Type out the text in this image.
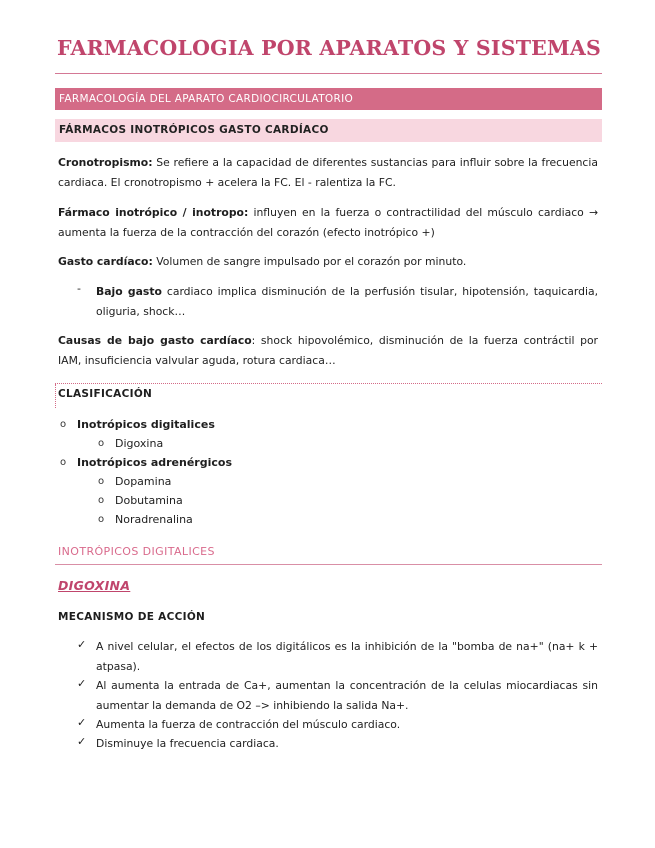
FARMACOLOGIA POR APARATOS Y SISTEMAS
FARMACOLOGÍA DEL APARATO CARDIOCIRCULATORIO
FÁRMACOS INOTRÓPICOS GASTO CARDÍACO
Cronotropismo: Se refiere a la capacidad de diferentes sustancias para influir sobre la frecuencia cardiaca. El cronotropismo + acelera la FC. El - ralentiza la FC.
Fármaco inotrópico / inotropo: influyen en la fuerza o contractilidad del músculo cardiaco → aumenta la fuerza de la contracción del corazón (efecto inotrópico +)
Gasto cardíaco: Volumen de sangre impulsado por el corazón por minuto.
- Bajo gasto cardiaco implica disminución de la perfusión tisular, hipotensión, taquicardia, oliguria, shock…
Causas de bajo gasto cardíaco: shock hipovolémico, disminución de la fuerza contráctil por IAM, insuficiencia valvular aguda, rotura cardiaca…
CLASIFICACIÓN
o Inotrópicos digitalices
o Digoxina
o Inotrópicos adrenérgicos
o Dopamina
o Dobutamina
o Noradrenalina
INOTRÓPICOS DIGITALICES
DIGOXINA
MECANISMO DE ACCIÓN
✓ A nivel celular, el efectos de los digitálicos es la inhibición de la "bomba de na+" (na+ k + atpasa).
✓ Al aumenta la entrada de Ca+, aumentan la concentración de la celulas miocardiacas sin aumentar la demanda de O2 –> inhibiendo la salida Na+.
✓ Aumenta la fuerza de contracción del músculo cardiaco.
✓ Disminuye la frecuencia cardiaca.
